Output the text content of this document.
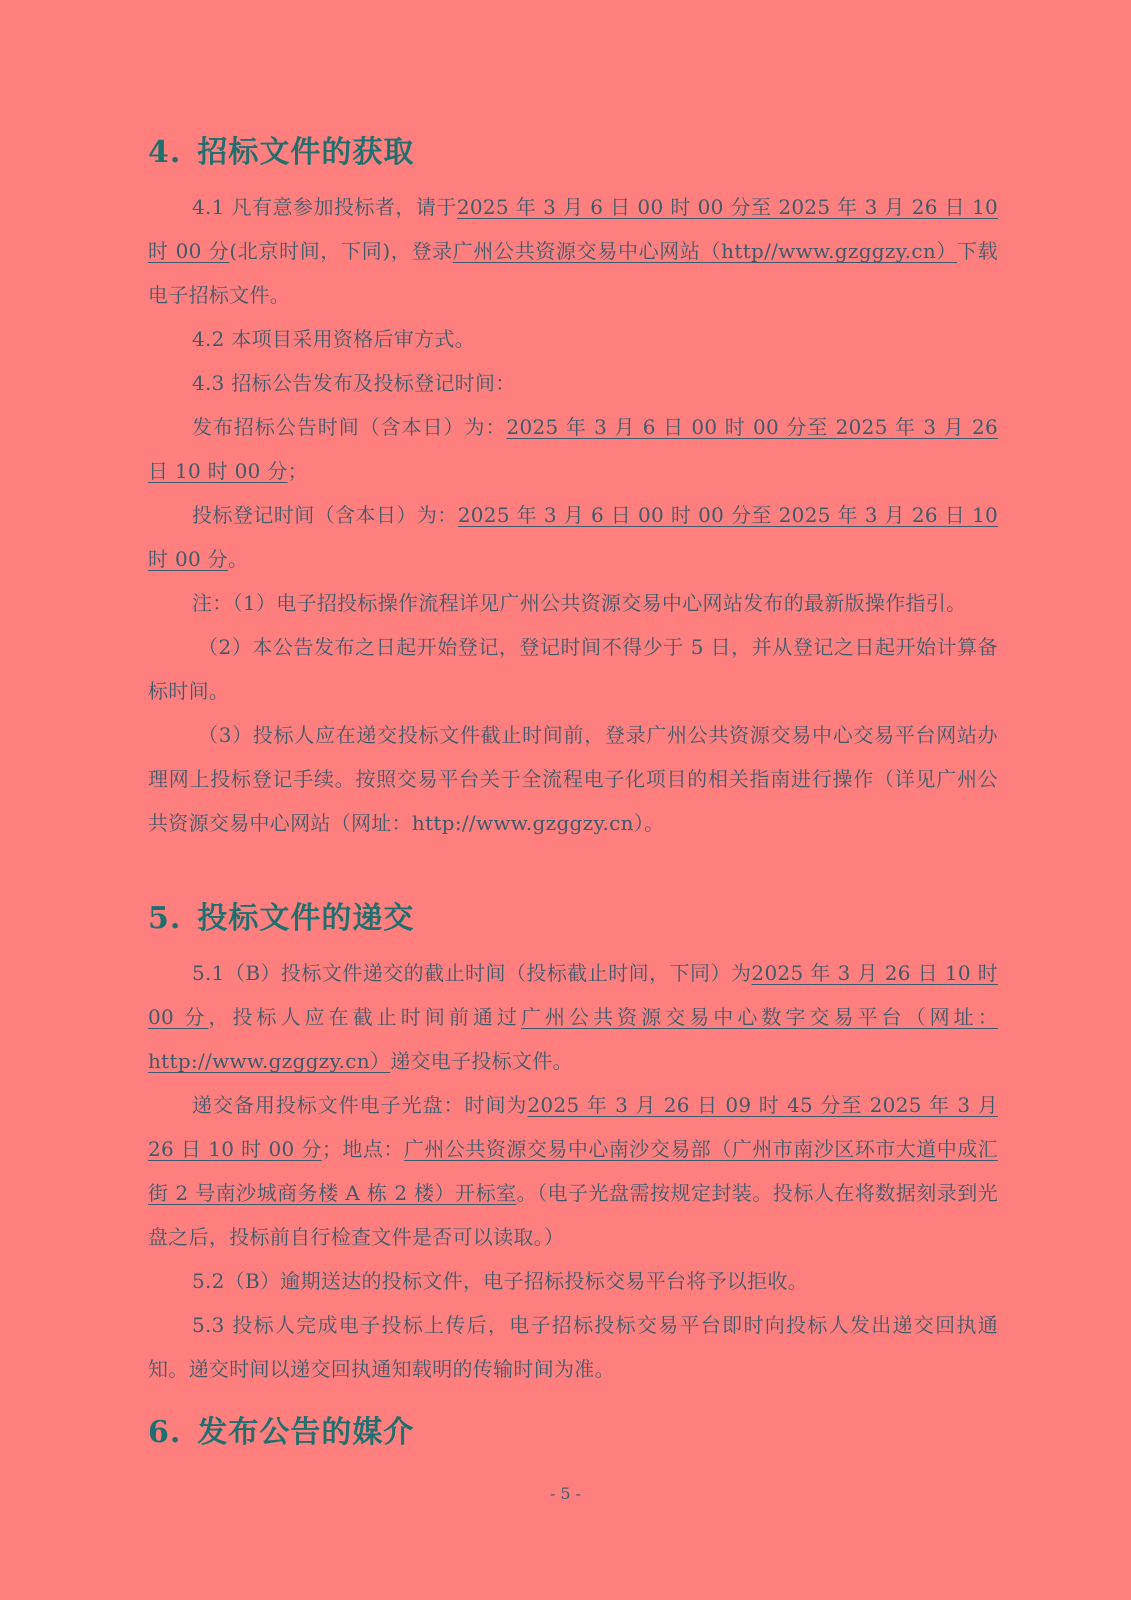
4. 招标文件的获取

4.1 凡有意参加投标者，请于2025 年 3 月 6 日 00 时 00 分至 2025 年 3 月 26 日 10 时 00 分(北京时间，下同)，登录广州公共资源交易中心网站（http//www.gzggzy.cn）下载电子招标文件。

4.2 本项目采用资格后审方式。

4.3 招标公告发布及投标登记时间：

发布招标公告时间（含本日）为：2025 年 3 月 6 日 00 时 00 分至 2025 年 3 月 26 日 10 时 00 分；

投标登记时间（含本日）为：2025 年 3 月 6 日 00 时 00 分至 2025 年 3 月 26 日 10 时 00 分。

注：（1）电子招投标操作流程详见广州公共资源交易中心网站发布的最新版操作指引。

（2）本公告发布之日起开始登记，登记时间不得少于 5 日，并从登记之日起开始计算备标时间。

（3）投标人应在递交投标文件截止时间前，登录广州公共资源交易中心交易平台网站办理网上投标登记手续。按照交易平台关于全流程电子化项目的相关指南进行操作（详见广州公共资源交易中心网站（网址：http://www.gzggzy.cn）。

5. 投标文件的递交

5.1（B）投标文件递交的截止时间（投标截止时间，下同）为2025 年 3 月 26 日 10 时 00 分，投标人应在截止时间前通过广州公共资源交易中心数字交易平台（网址：http://www.gzggzy.cn）递交电子投标文件。

递交备用投标文件电子光盘：时间为2025 年 3 月 26 日 09 时 45 分至 2025 年 3 月 26 日 10 时 00 分；地点：广州公共资源交易中心南沙交易部（广州市南沙区环市大道中成汇街 2 号南沙城商务楼 A 栋 2 楼）开标室。（电子光盘需按规定封装。投标人在将数据刻录到光盘之后，投标前自行检查文件是否可以读取。）

5.2（B）逾期送达的投标文件，电子招标投标交易平台将予以拒收。

5.3 投标人完成电子投标上传后，电子招标投标交易平台即时向投标人发出递交回执通知。递交时间以递交回执通知载明的传输时间为准。

6. 发布公告的媒介
- 5 -
